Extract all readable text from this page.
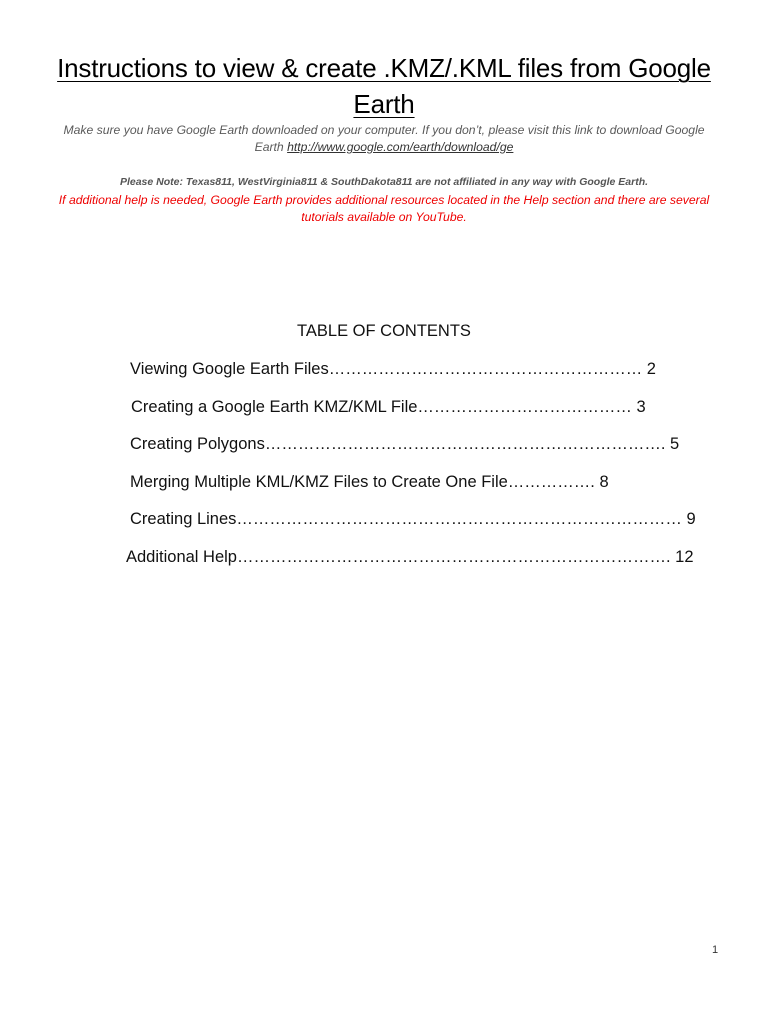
Instructions to view & create .KMZ/.KML files from Google
Earth
Make sure you have Google Earth downloaded on your computer. If you don’t, please visit this link to download Google
Earth http://www.google.com/earth/download/ge
Please Note: Texas811, WestVirginia811 & SouthDakota811 are not affiliated in any way with Google Earth.
If additional help is needed, Google Earth provides additional resources located in the Help section and there are several
tutorials available on YouTube.
TABLE OF CONTENTS
Viewing Google Earth Files………………………………………………… 2
Creating a Google Earth KMZ/KML File………………………………… 3
Creating Polygons………………………………………………………………. 5
Merging Multiple KML/KMZ Files to Create One File……………. 8
Creating Lines……………………………………………………………………… 9
Additional Help……………………………………………………………………. 12
1
